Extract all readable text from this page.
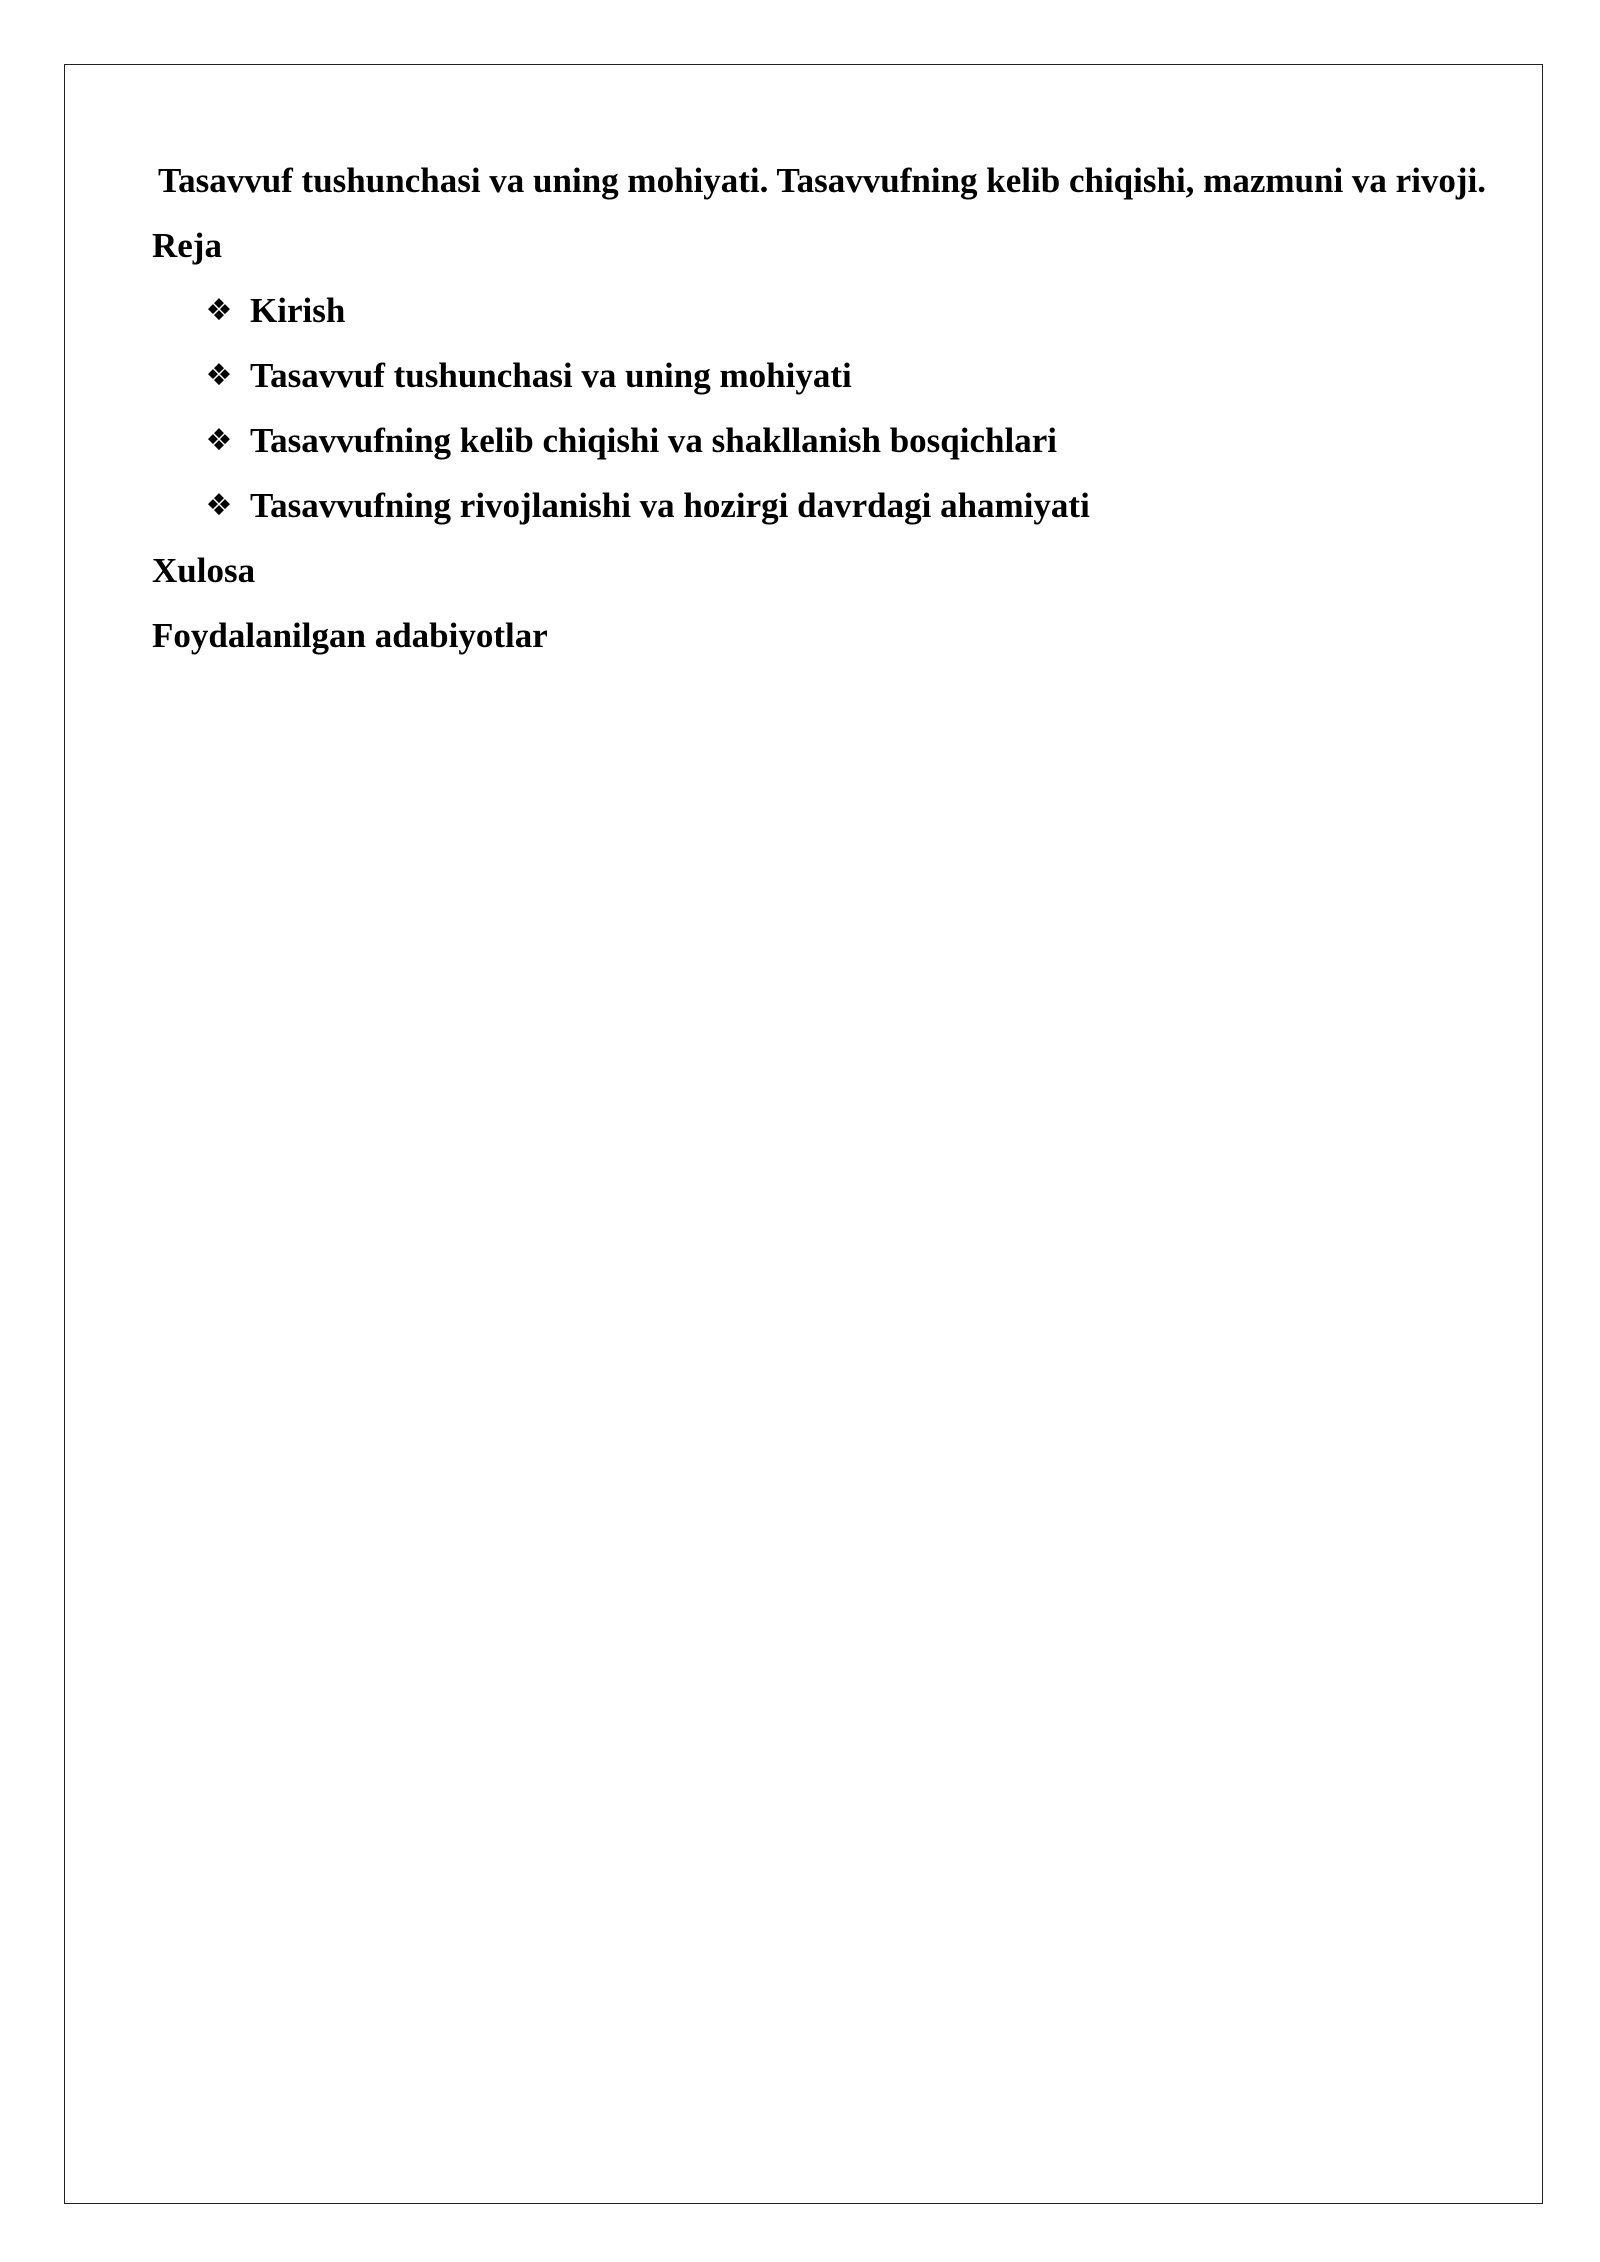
Tasavvuf tushunchasi va uning mohiyati. Tasavvufning kelib chiqishi, mazmuni va rivoji.

Reja

❖ Kirish
❖ Tasavvuf tushunchasi va uning mohiyati
❖ Tasavvufning kelib chiqishi va shakllanish bosqichlari
❖ Tasavvufning rivojlanishi va hozirgi davrdagi ahamiyati

Xulosa

Foydalanilgan adabiyotlar
